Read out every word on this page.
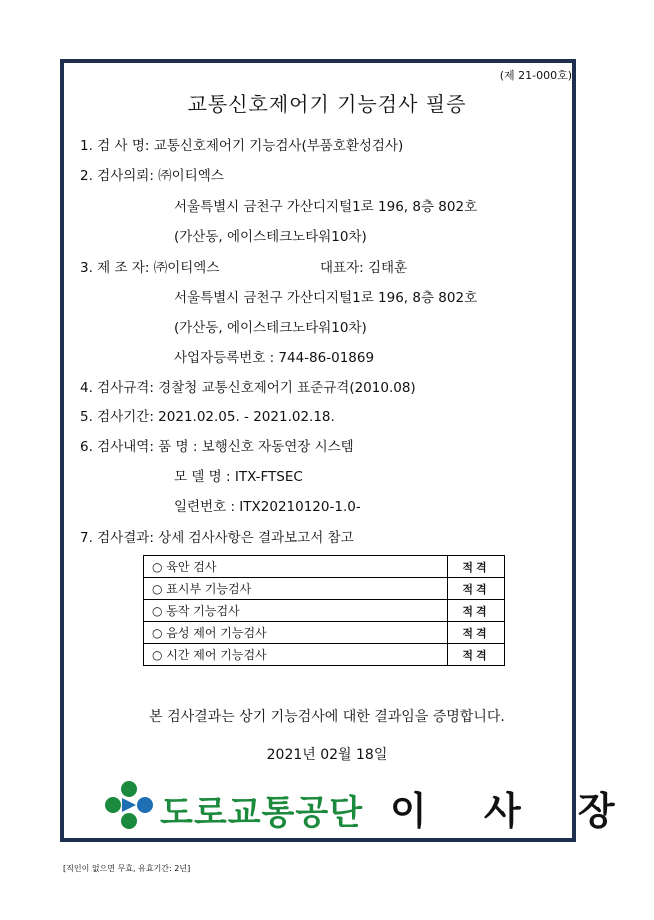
(제 21-000호)
교통신호제어기 기능검사 필증
1. 검 사 명: 교통신호제어기 기능검사(부품호환성검사)
2. 검사의뢰: ㈜이티엑스
서울특별시 금천구 가산디지털1로 196, 8층 802호
(가산동, 에이스테크노타워10차)
3. 제 조 자: ㈜이티엑스	대표자: 김태훈
서울특별시 금천구 가산디지털1로 196, 8층 802호
(가산동, 에이스테크노타워10차)
사업자등록번호 : 744-86-01869
4. 검사규격: 경찰청 교통신호제어기 표준규격(2010.08)
5. 검사기간: 2021.02.05. - 2021.02.18.
6. 검사내역: 품 명 : 보행신호 자동연장 시스템
모 델 명 : ITX-FTSEC
일련번호 : ITX20210120-1.0-
7. 검사결과: 상세 검사사항은 결과보고서 참고
○ 육안 검사	적격
○ 표시부 기능검사	적격
○ 동작 기능검사	적격
○ 음성 제어 기능검사	적격
○ 시간 제어 기능검사	적격
본 검사결과는 상기 기능검사에 대한 결과임을 증명합니다.
2021년 02월 18일
도로교통공단 이 사 장
[직인이 없으면 무효, 유효기간: 2년]
